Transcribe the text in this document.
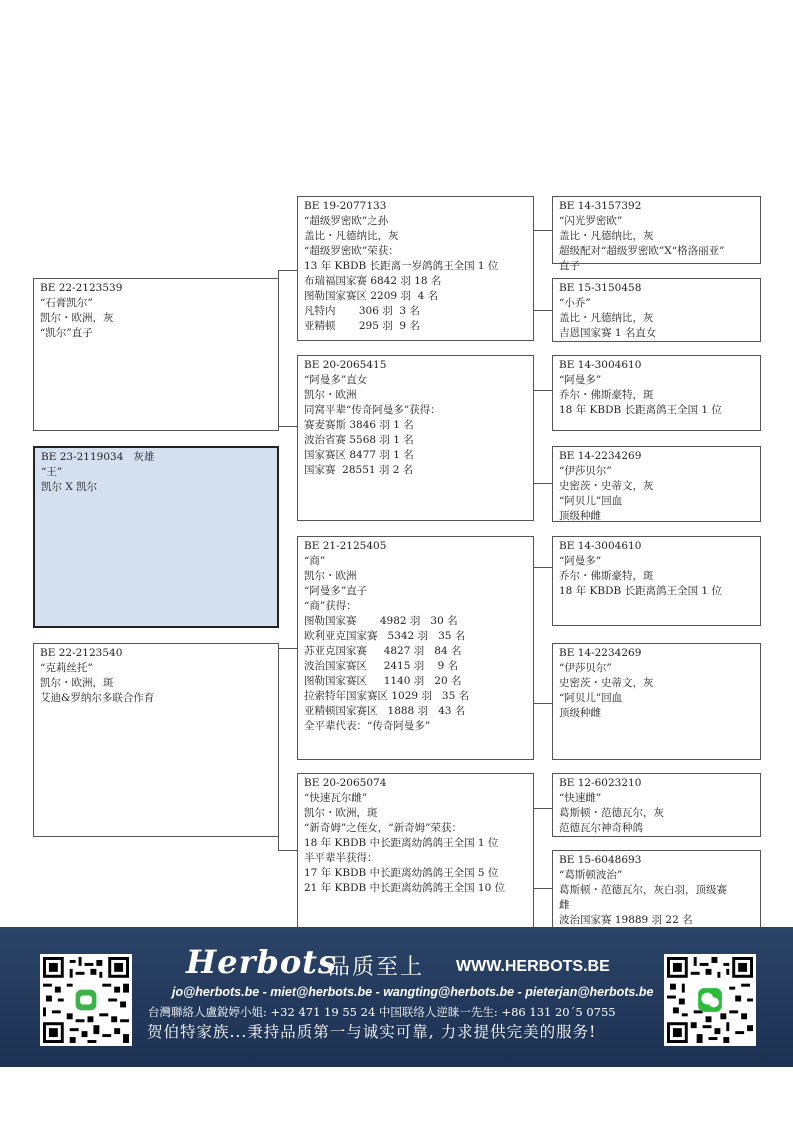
BE 22-2123539
“石膏凯尔”
凯尔・欧洲，灰
“凯尔”直子
BE 23-2119034   灰雄
“王”
凯尔 X 凯尔
BE 22-2123540
“克莉丝托”
凯尔・欧洲，斑
艾迪&罗纳尔多联合作育
BE 19-2077133
“超级罗密欧”之孙
盖比・凡德纳比，灰
“超级罗密欧”荣获：
13 年 KBDB 长距离一岁鸽鸽王全国 1 位
布瑞福国家赛 6842 羽 18 名
图勒国家赛区 2209 羽  4 名
凡特内       306 羽  3 名
亚精顿       295 羽  9 名
BE 20-2065415
“阿曼多”直女
凯尔・欧洲
同窝平辈“传奇阿曼多”获得：
赛麦赛斯 3846 羽 1 名
波治省赛 5568 羽 1 名
国家赛区 8477 羽 1 名
国家赛  28551 羽 2 名
BE 21-2125405
“商”
凯尔・欧洲
“阿曼多”直子
“商”获得：
图勒国家赛       4982 羽   30 名
欧利亚克国家赛   5342 羽   35 名
苏亚克国家赛     4827 羽   84 名
波治国家赛区     2415 羽    9 名
图勒国家赛区     1140 羽   20 名
拉索特年国家赛区 1029 羽   35 名
亚精顿国家赛区   1888 羽   43 名
全平辈代表：“传奇阿曼多”
BE 20-2065074
“快速瓦尔雌”
凯尔・欧洲，斑
“新奇姆”之侄女，“新奇姆”荣获：
18 年 KBDB 中长距离幼鸽鸽王全国 1 位
半平辈半获得：
17 年 KBDB 中长距离幼鸽鸽王全国 5 位
21 年 KBDB 中长距离幼鸽鸽王全国 10 位
BE 14-3157392
“闪光罗密欧”
盖比・凡德纳比，灰
超级配对“超级罗密欧”X“格洛丽亚”
直子
BE 15-3150458
“小乔”
盖比・凡德纳比，灰
吉恩国家赛 1 名直女
BE 14-3004610
“阿曼多”
乔尔・佛斯豪特，斑
18 年 KBDB 长距离鸽王全国 1 位
BE 14-2234269
“伊莎贝尔”
史密茨・史蒂文，灰
“阿贝儿”回血
顶级种雌
BE 14-3004610
“阿曼多”
乔尔・佛斯豪特，斑
18 年 KBDB 长距离鸽王全国 1 位
BE 14-2234269
“伊莎贝尔”
史密茨・史蒂文，灰
“阿贝儿”回血
顶级种雌
BE 12-6023210
“快速雌”
葛斯顿・范德瓦尔，灰
范德瓦尔神奇种鸽
BE 15-6048693
“葛斯顿波治”
葛斯顿・范德瓦尔，灰白羽，顶级赛
雌
波治国家赛 19889 羽 22 名
Herbots
品质至上 WWW.HERBOTS.BE
jo@herbots.be - miet@herbots.be - wangting@herbots.be - pieterjan@herbots.be
台灣聯絡人盧銳婷小姐: +32 471 19 55 24 中国联络人逆睐一先生: +86 131 20´5 0755
贺伯特家族...秉持品质第一与诚实可靠, 力求提供完美的服务!
